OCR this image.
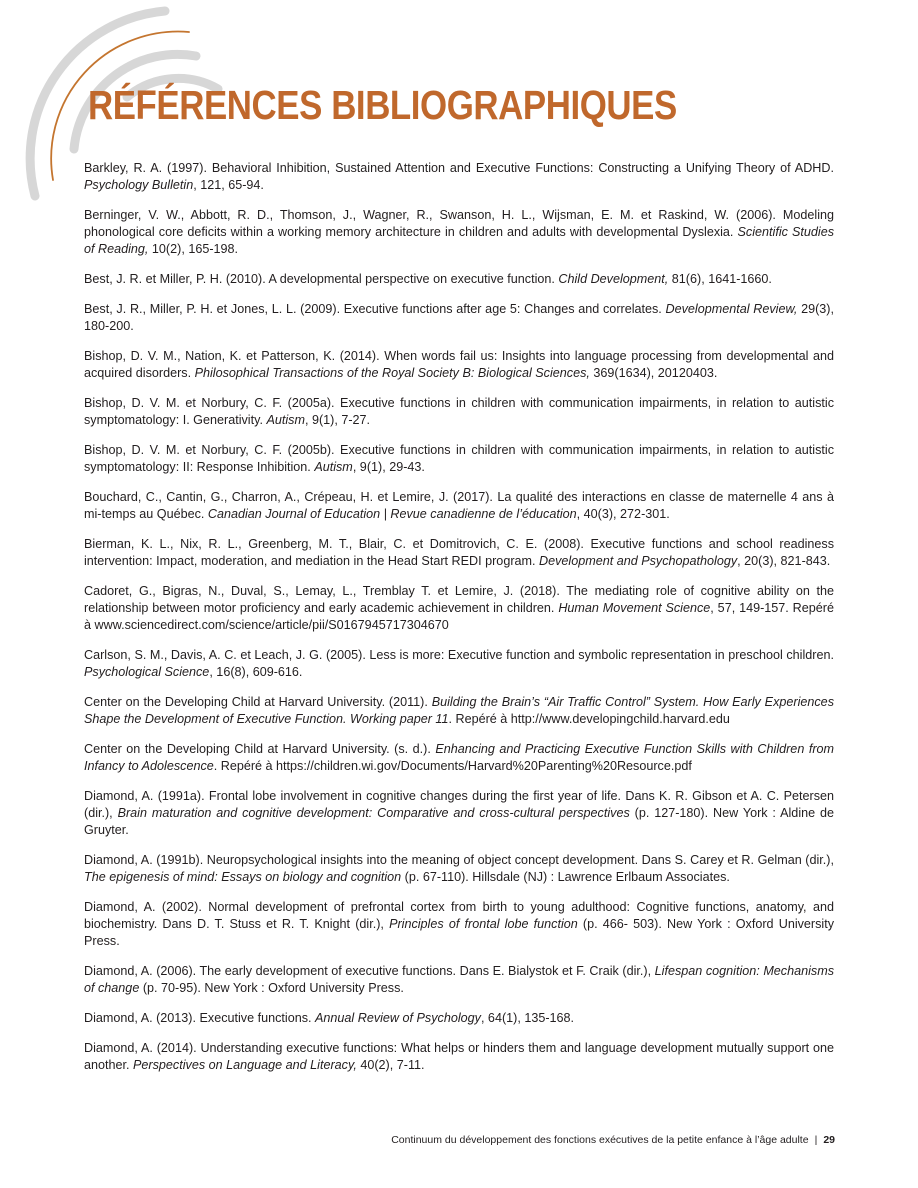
RÉFÉRENCES BIBLIOGRAPHIQUES

Barkley, R. A. (1997). Behavioral Inhibition, Sustained Attention and Executive Functions: Constructing a Unifying Theory of ADHD. Psychology Bulletin, 121, 65-94.

Berninger, V. W., Abbott, R. D., Thomson, J., Wagner, R., Swanson, H. L., Wijsman, E. M. et Raskind, W. (2006). Modeling phonological core deficits within a working memory architecture in children and adults with developmental Dyslexia. Scientific Studies of Reading, 10(2), 165-198.

Best, J. R. et Miller, P. H. (2010). A developmental perspective on executive function. Child Development, 81(6), 1641-1660.

Best, J. R., Miller, P. H. et Jones, L. L. (2009). Executive functions after age 5: Changes and correlates. Developmental Review, 29(3), 180-200.

Bishop, D. V. M., Nation, K. et Patterson, K. (2014). When words fail us: Insights into language processing from developmental and acquired disorders. Philosophical Transactions of the Royal Society B: Biological Sciences, 369(1634), 20120403.

Bishop, D. V. M. et Norbury, C. F. (2005a). Executive functions in children with communication impairments, in relation to autistic symptomatology: I. Generativity. Autism, 9(1), 7-27.

Bishop, D. V. M. et Norbury, C. F. (2005b). Executive functions in children with communication impairments, in relation to autistic symptomatology: II: Response Inhibition. Autism, 9(1), 29-43.

Bouchard, C., Cantin, G., Charron, A., Crépeau, H. et Lemire, J. (2017). La qualité des interactions en classe de maternelle 4 ans à mi-temps au Québec. Canadian Journal of Education | Revue canadienne de l’éducation, 40(3), 272-301.

Bierman, K. L., Nix, R. L., Greenberg, M. T., Blair, C. et Domitrovich, C. E. (2008). Executive functions and school readiness intervention: Impact, moderation, and mediation in the Head Start REDI program. Development and Psychopathology, 20(3), 821-843.

Cadoret, G., Bigras, N., Duval, S., Lemay, L., Tremblay T. et Lemire, J. (2018). The mediating role of cognitive ability on the relationship between motor proficiency and early academic achievement in children. Human Movement Science, 57, 149-157. Repéré à www.sciencedirect.com/science/article/pii/S0167945717304670

Carlson, S. M., Davis, A. C. et Leach, J. G. (2005). Less is more: Executive function and symbolic representation in preschool children. Psychological Science, 16(8), 609-616.

Center on the Developing Child at Harvard University. (2011). Building the Brain’s “Air Traffic Control” System. How Early Experiences Shape the Development of Executive Function. Working paper 11. Repéré à http://www.developingchild.harvard.edu

Center on the Developing Child at Harvard University. (s. d.). Enhancing and Practicing Executive Function Skills with Children from Infancy to Adolescence. Repéré à https://children.wi.gov/Documents/Harvard%20Parenting%20Resource.pdf

Diamond, A. (1991a). Frontal lobe involvement in cognitive changes during the first year of life. Dans K. R. Gibson et A. C. Petersen (dir.), Brain maturation and cognitive development: Comparative and cross-cultural perspectives (p. 127-180). New York : Aldine de Gruyter.

Diamond, A. (1991b). Neuropsychological insights into the meaning of object concept development. Dans S. Carey et R. Gelman (dir.), The epigenesis of mind: Essays on biology and cognition (p. 67-110). Hillsdale (NJ) : Lawrence Erlbaum Associates.

Diamond, A. (2002). Normal development of prefrontal cortex from birth to young adulthood: Cognitive functions, anatomy, and biochemistry. Dans D. T. Stuss et R. T. Knight (dir.), Principles of frontal lobe function (p. 466- 503). New York : Oxford University Press.

Diamond, A. (2006). The early development of executive functions. Dans E. Bialystok et F. Craik (dir.), Lifespan cognition: Mechanisms of change (p. 70-95). New York : Oxford University Press.

Diamond, A. (2013). Executive functions. Annual Review of Psychology, 64(1), 135-168.

Diamond, A. (2014). Understanding executive functions: What helps or hinders them and language development mutually support one another. Perspectives on Language and Literacy, 40(2), 7-11.

Continuum du développement des fonctions exécutives de la petite enfance à l’âge adulte | 29
